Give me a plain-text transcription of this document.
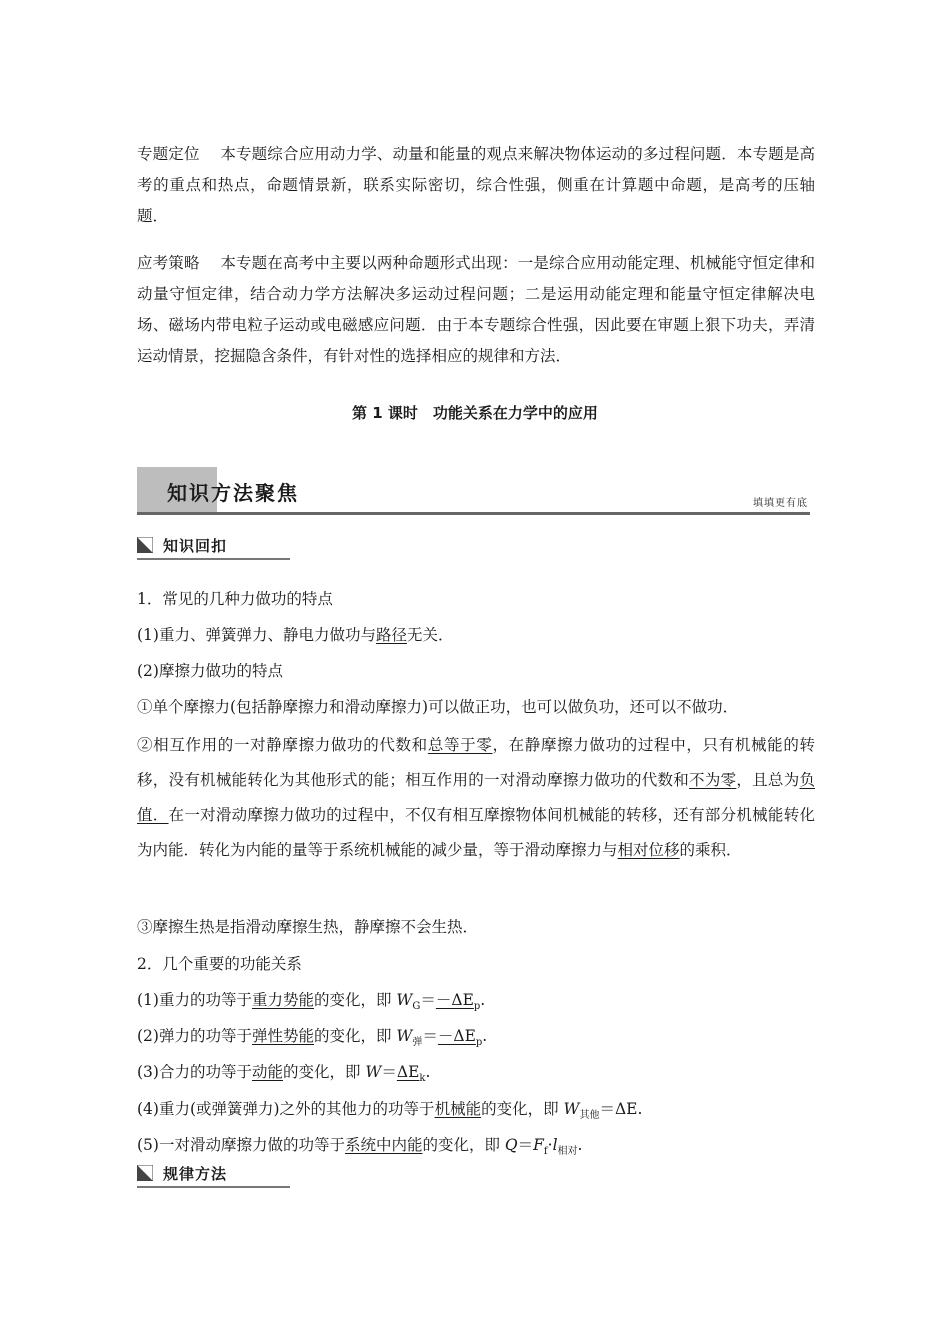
专题定位　 本专题综合应用动力学、动量和能量的观点来解决物体运动的多过程问题．本专题是高考的重点和热点，命题情景新，联系实际密切，综合性强，侧重在计算题中命题，是高考的压轴题．

应考策略　 本专题在高考中主要以两种命题形式出现：一是综合应用动能定理、机械能守恒定律和动量守恒定律，结合动力学方法解决多运动过程问题；二是运用动能定理和能量守恒定律解决电场、磁场内带电粒子运动或电磁感应问题．由于本专题综合性强，因此要在审题上狠下功夫，弄清运动情景，挖掘隐含条件，有针对性的选择相应的规律和方法．

第 1 课时　功能关系在力学中的应用
知识方法聚焦	填填更有底
知识回扣
1．常见的几种力做功的特点
(1)重力、弹簧弹力、静电力做功与路径无关．
(2)摩擦力做功的特点
①单个摩擦力(包括静摩擦力和滑动摩擦力)可以做正功，也可以做负功，还可以不做功．

②相互作用的一对静摩擦力做功的代数和总等于零，在静摩擦力做功的过程中，只有机械能的转移，没有机械能转化为其他形式的能；相互作用的一对滑动摩擦力做功的代数和不为零，且总为负值．在一对滑动摩擦力做功的过程中，不仅有相互摩擦物体间机械能的转移，还有部分机械能转化为内能．转化为内能的量等于系统机械能的减少量，等于滑动摩擦力与相对位移的乘积．

③摩擦生热是指滑动摩擦生热，静摩擦不会生热．
2．几个重要的功能关系
(1)重力的功等于重力势能的变化，即 $W_G=-\Delta E_p$.
(2)弹力的功等于弹性势能的变化，即 $W_弹=-\Delta E_p$.
(3)合力的功等于动能的变化，即 $W=\Delta E_k$.
(4)重力(或弹簧弹力)之外的其他力的功等于机械能的变化，即 $W_{其他}=\Delta E$.
(5)一对滑动摩擦力做的功等于系统中内能的变化，即 $Q=F_f\cdot l_{相对}$.
规律方法
